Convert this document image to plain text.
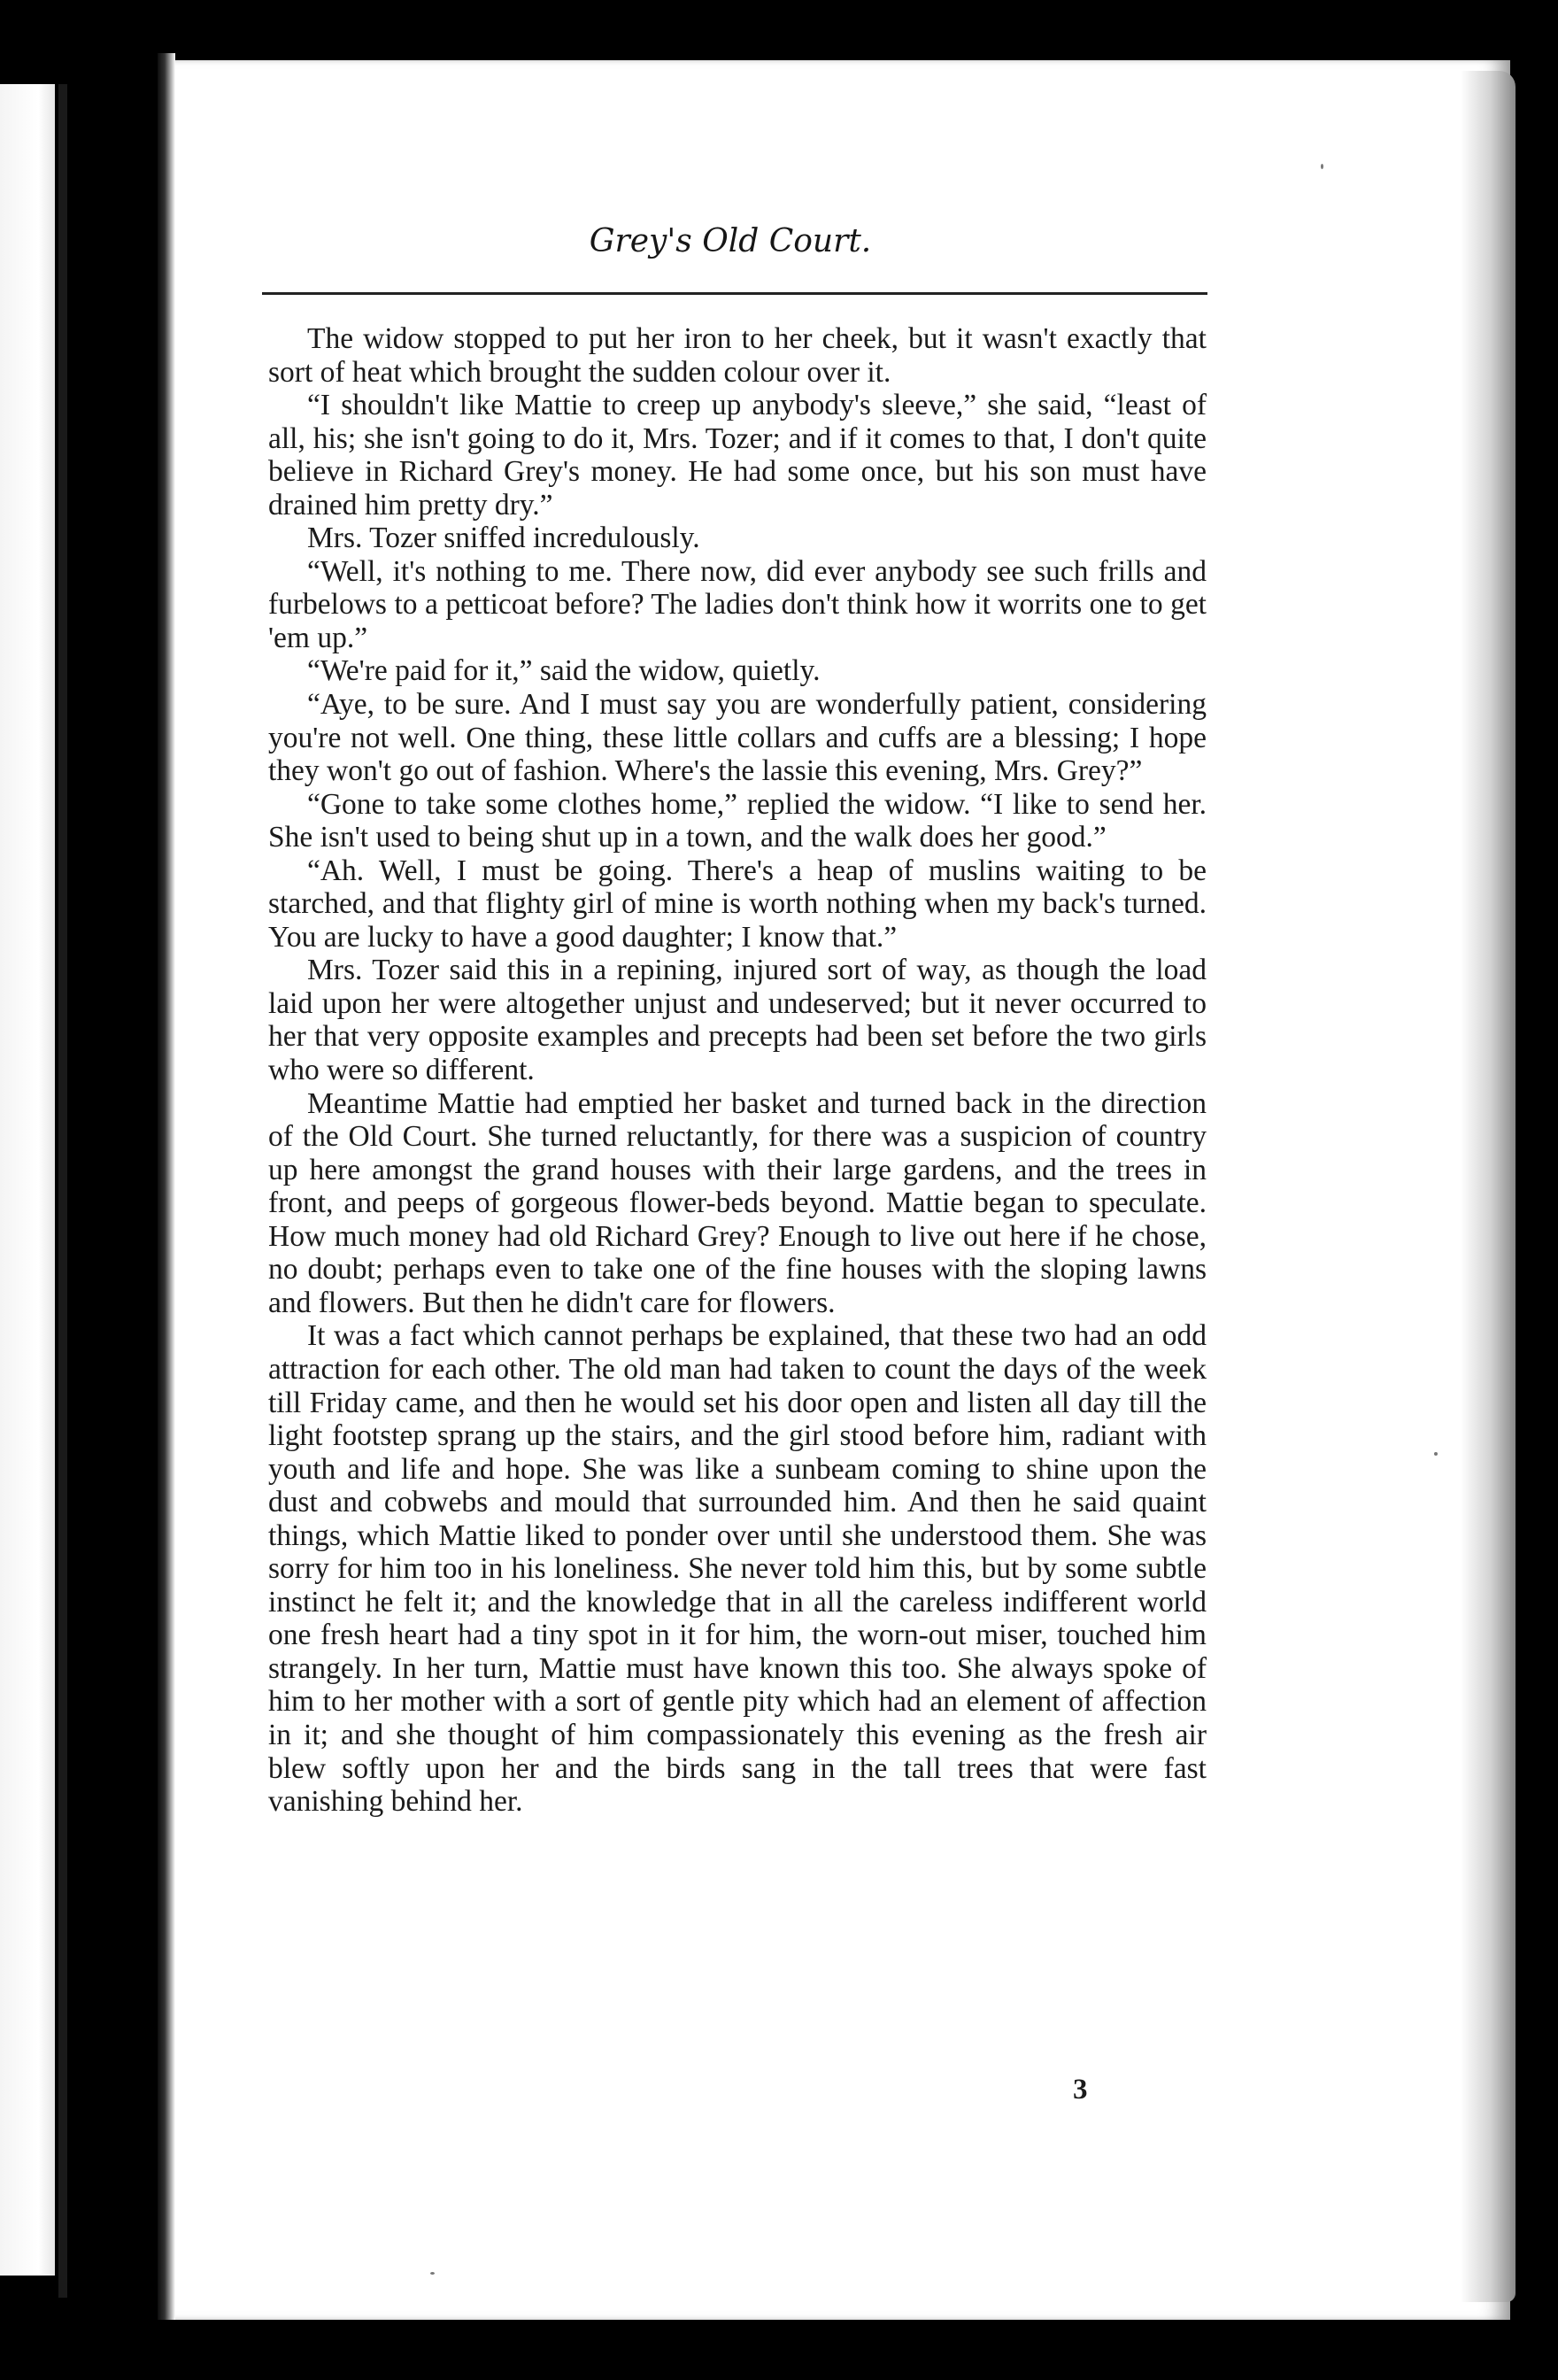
Grey's Old Court.

The widow stopped to put her iron to her cheek, but it wasn't exactly that sort of heat which brought the sudden colour over it.

“I shouldn't like Mattie to creep up anybody's sleeve,” she said, “least of all, his; she isn't going to do it, Mrs. Tozer; and if it comes to that, I don't quite believe in Richard Grey's money. He had some once, but his son must have drained him pretty dry.”

Mrs. Tozer sniffed incredulously.

“Well, it's nothing to me. There now, did ever anybody see such frills and furbelows to a petticoat before? The ladies don't think how it worrits one to get 'em up.”

“We're paid for it,” said the widow, quietly.

“Aye, to be sure. And I must say you are wonderfully patient, considering you're not well. One thing, these little collars and cuffs are a blessing; I hope they won't go out of fashion. Where's the lassie this evening, Mrs. Grey?”

“Gone to take some clothes home,” replied the widow. “I like to send her. She isn't used to being shut up in a town, and the walk does her good.”

“Ah. Well, I must be going. There's a heap of muslins waiting to be starched, and that flighty girl of mine is worth nothing when my back's turned. You are lucky to have a good daughter; I know that.”

Mrs. Tozer said this in a repining, injured sort of way, as though the load laid upon her were altogether unjust and undeserved; but it never occurred to her that very opposite examples and precepts had been set before the two girls who were so different.

Meantime Mattie had emptied her basket and turned back in the direction of the Old Court. She turned reluctantly, for there was a suspicion of country up here amongst the grand houses with their large gardens, and the trees in front, and peeps of gorgeous flower-beds beyond. Mattie began to speculate. How much money had old Richard Grey? Enough to live out here if he chose, no doubt; perhaps even to take one of the fine houses with the sloping lawns and flowers. But then he didn't care for flowers.

It was a fact which cannot perhaps be explained, that these two had an odd attraction for each other. The old man had taken to count the days of the week till Friday came, and then he would set his door open and listen all day till the light footstep sprang up the stairs, and the girl stood before him, radiant with youth and life and hope. She was like a sunbeam coming to shine upon the dust and cobwebs and mould that surrounded him. And then he said quaint things, which Mattie liked to ponder over until she understood them. She was sorry for him too in his loneliness. She never told him this, but by some subtle instinct he felt it; and the knowledge that in all the careless indifferent world one fresh heart had a tiny spot in it for him, the worn-out miser, touched him strangely. In her turn, Mattie must have known this too. She always spoke of him to her mother with a sort of gentle pity which had an element of affection in it; and she thought of him compassionately this evening as the fresh air blew softly upon her and the birds sang in the tall trees that were fast vanishing behind her.

3
